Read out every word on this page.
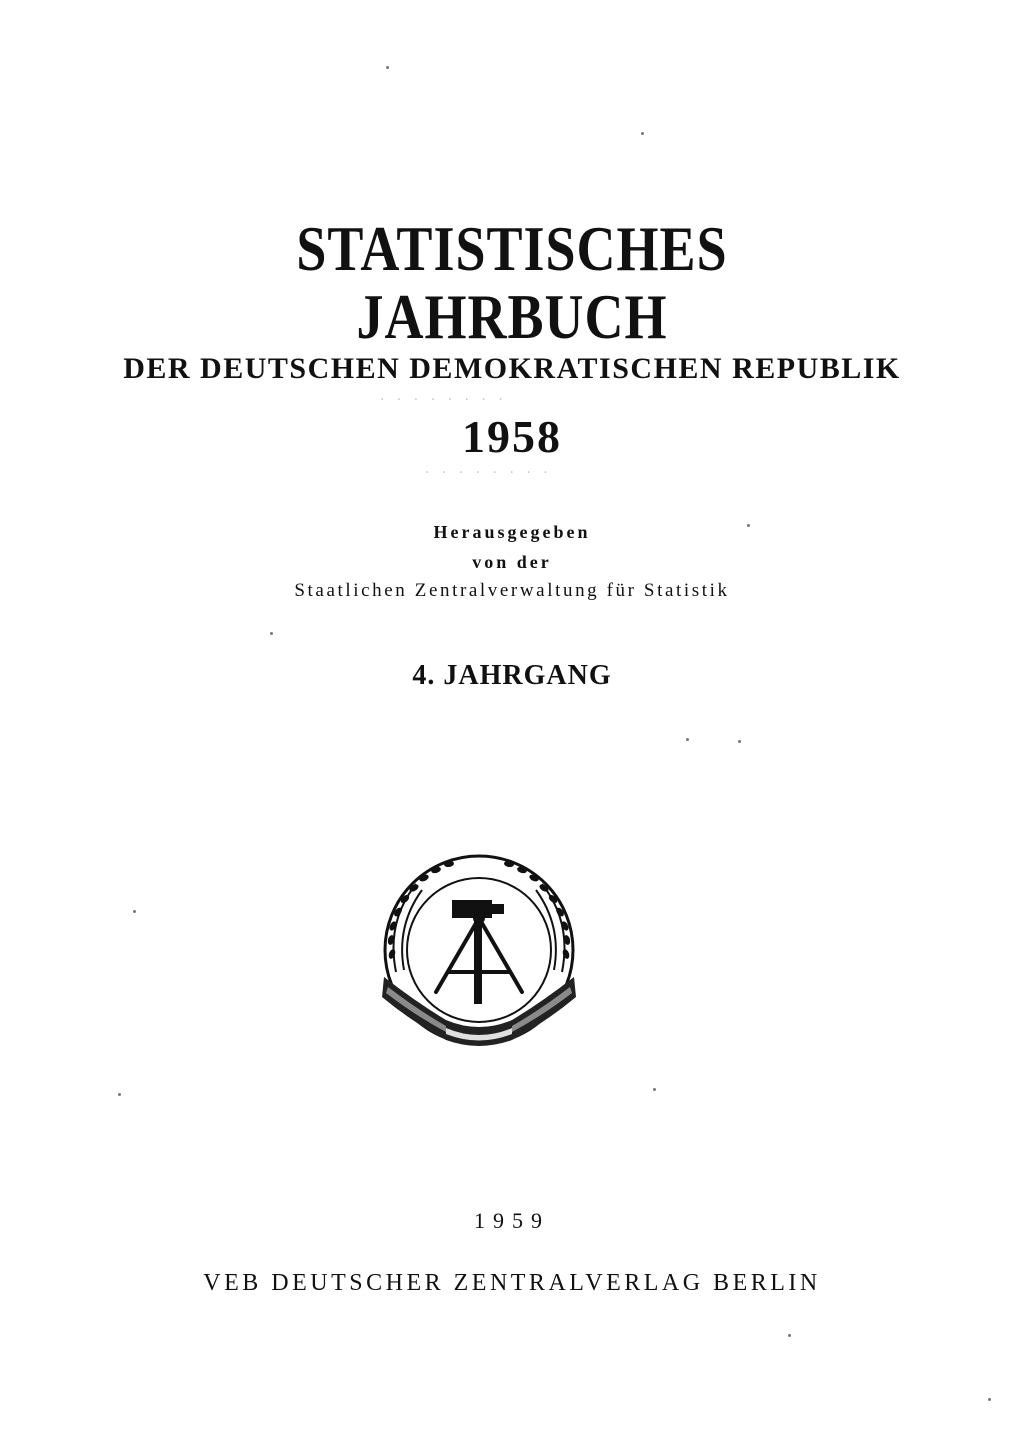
STATISTISCHES
JAHRBUCH
DER DEUTSCHEN DEMOKRATISCHEN REPUBLIK
1958
Herausgegeben
von der
Staatlichen Zentralverwaltung für Statistik
4. JAHRGANG
· · · · · · · ·
· · · · · · · ·
1959
VEB DEUTSCHER ZENTRALVERLAG BERLIN
